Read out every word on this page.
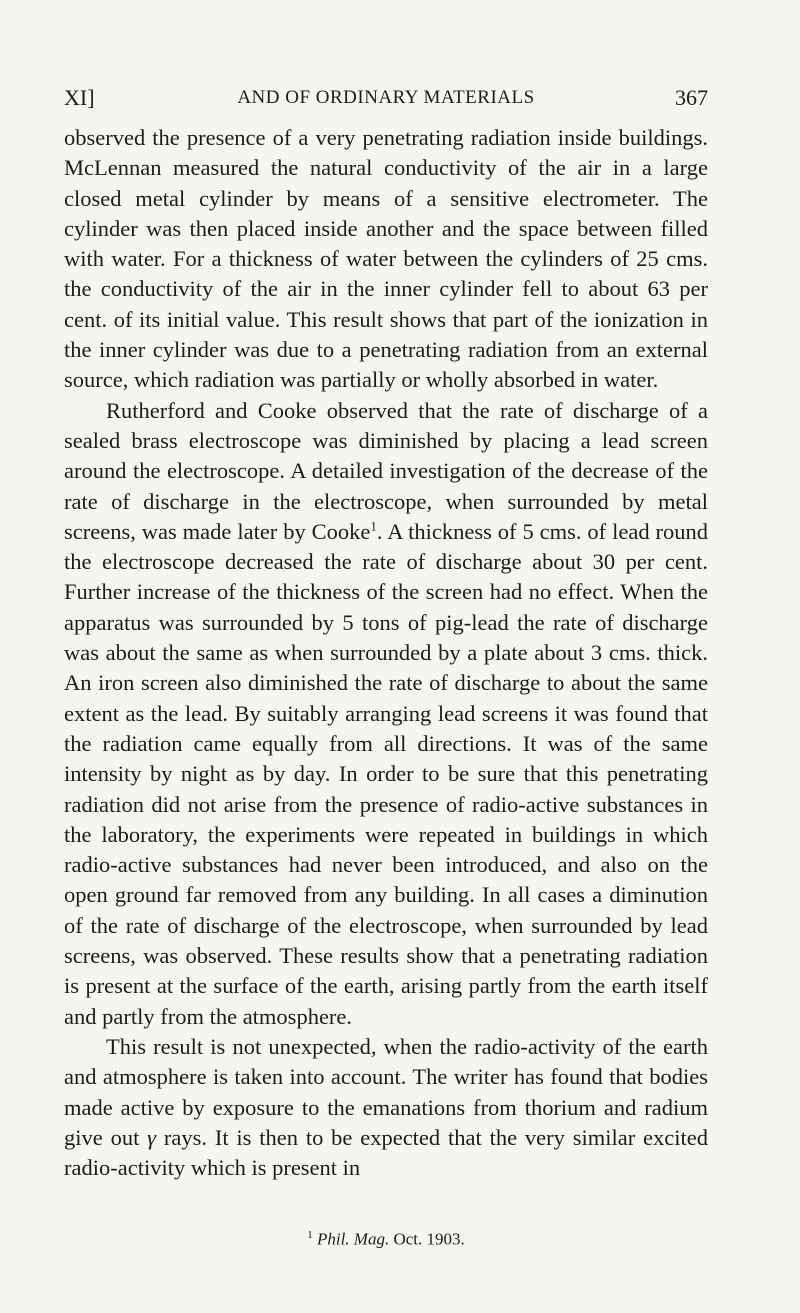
XI]	AND OF ORDINARY MATERIALS	367

observed the presence of a very penetrating radiation inside buildings. McLennan measured the natural conductivity of the air in a large closed metal cylinder by means of a sensitive electrometer. The cylinder was then placed inside another and the space between filled with water. For a thickness of water between the cylinders of 25 cms. the conductivity of the air in the inner cylinder fell to about 63 per cent. of its initial value. This result shows that part of the ionization in the inner cylinder was due to a penetrating radiation from an external source, which radiation was partially or wholly absorbed in water.

Rutherford and Cooke observed that the rate of discharge of a sealed brass electroscope was diminished by placing a lead screen around the electroscope. A detailed investigation of the decrease of the rate of discharge in the electroscope, when surrounded by metal screens, was made later by Cooke$^1$. A thickness of 5 cms. of lead round the electroscope decreased the rate of discharge about 30 per cent. Further increase of the thickness of the screen had no effect. When the apparatus was surrounded by 5 tons of pig-lead the rate of discharge was about the same as when surrounded by a plate about 3 cms. thick. An iron screen also diminished the rate of discharge to about the same extent as the lead. By suitably arranging lead screens it was found that the radiation came equally from all directions. It was of the same intensity by night as by day. In order to be sure that this penetrating radiation did not arise from the presence of radio-active substances in the laboratory, the experiments were repeated in buildings in which radio-active substances had never been introduced, and also on the open ground far removed from any building. In all cases a diminution of the rate of discharge of the electroscope, when surrounded by lead screens, was observed. These results show that a penetrating radiation is present at the surface of the earth, arising partly from the earth itself and partly from the atmosphere.

This result is not unexpected, when the radio-activity of the earth and atmosphere is taken into account. The writer has found that bodies made active by exposure to the emanations from thorium and radium give out γ rays. It is then to be expected that the very similar excited radio-activity which is present in

$^1$ Phil. Mag. Oct. 1903.
